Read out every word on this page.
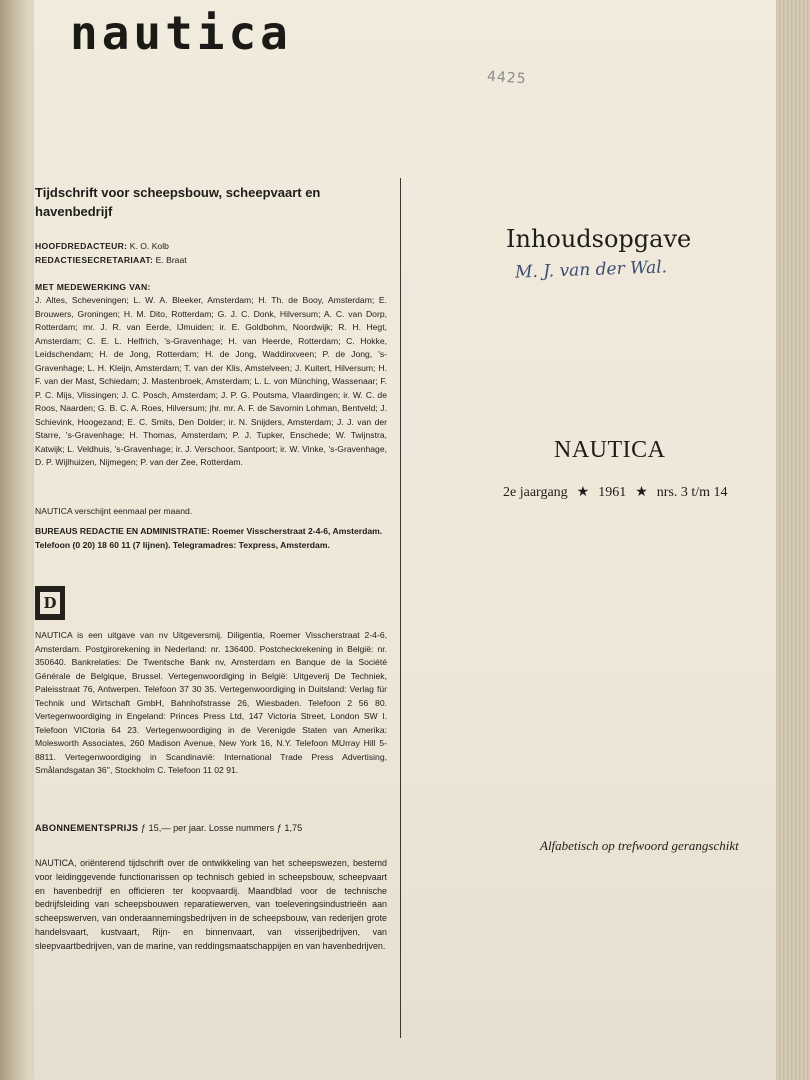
nautica
4425
Tijdschrift voor scheepsbouw, scheepvaart en havenbedrijf
HOOFDREDACTEUR: K. O. Kolb
REDACTIESECRETARIAAT: E. Braat
MET MEDEWERKING VAN:
J. Altes, Scheveningen; L. W. A. Bleeker, Amsterdam; H. Th. de Booy, Amsterdam; E. Brouwers, Groningen; H. M. Dito, Rotterdam; G. J. C. Donk, Hilversum; A. C. van Dorp, Rotterdam; mr. J. R. van Eerde, IJmuiden; ir. E. Goldbohm, Noordwijk; R. H. Hegt, Amsterdam; C. E. L. Helfrich, 's-Gravenhage; H. van Heerde, Rotterdam; C. Hokke, Leidschendam; H. de Jong, Rotterdam; H. de Jong, Waddinxveen; P. de Jong, 's-Gravenhage; L. H. Kleijn, Amsterdam; T. van der Klis, Amstelveen; J. Kuitert, Hilversum; H. F. van der Mast, Schiedam; J. Mastenbroek, Amsterdam; L. L. von Münching, Wassenaar; F. P. C. Mijs, Vlissingen; J. C. Posch, Amsterdam; J. P. G. Poutsma, Vlaardingen; ir. W. C. de Roos, Naarden; G. B. C. A. Roes, Hilversum; jhr. mr. A. F. de Savornin Lohman, Bentveld; J. Schievink, Hoogezand; E. C. Smits, Den Dolder; ir. N. Snijders, Amsterdam; J. J. van der Starre, 's-Gravenhage; H. Thomas, Amsterdam; P. J. Tupker, Enschede; W. Twijnstra, Katwijk; L. Veldhuis, 's-Gravenhage; ir. J. Verschoor, Santpoort; ir. W. Vinke, 's-Gravenhage, D. P. Wijlhuizen, Nijmegen; P. van der Zee, Rotterdam.
NAUTICA verschijnt eenmaal per maand.
BUREAUS REDACTIE EN ADMINISTRATIE: Roemer Visscherstraat 2-4-6, Amsterdam. Telefoon (0 20) 18 60 11 (7 lijnen). Telegramadres: Texpress, Amsterdam.
D
NAUTICA is een uitgave van nv Uitgeversmij. Diligentia, Roemer Visscherstraat 2-4-6, Amsterdam. Postgirorekening in Nederland: nr. 136400. Postcheckrekening in België: nr. 350640. Bankrelaties: De Twentsche Bank nv, Amsterdam en Banque de la Société Générale de Belgique, Brussel. Vertegenwoordiging in België: Uitgeverij De Techniek, Paleisstraat 76, Antwerpen. Telefoon 37 30 35. Vertegenwoordiging in Duitsland: Verlag für Technik und Wirtschaft GmbH, Bahnhofstrasse 26, Wiesbaden. Telefoon 2 56 80. Vertegenwoordiging in Engeland: Princes Press Ltd, 147 Victoria Street, London SW I. Telefoon VICtoria 64 23. Vertegenwoordiging in de Verenigde Staten van Amerika: Molesworth Associates, 260 Madison Avenue, New York 16, N.Y. Telefoon MUrray Hill 5-8811. Vertegenwoordiging in Scandinavië: International Trade Press Advertising, Smålandsgatan 36'', Stockholm C. Telefoon 11 02 91.
ABONNEMENTSPRIJS ƒ 15,— per jaar. Losse nummers ƒ 1,75
NAUTICA, oriënterend tijdschrift over de ontwikkeling van het scheepswezen, bestemd voor leidinggevende functionarissen op technisch gebied in scheepsbouw, scheepvaart en havenbedrijf en officieren ter koopvaardij. Maandblad voor de technische bedrijfsleiding van scheepsbouwen reparatiewerven, van toeleveringsindustrieën aan scheepswerven, van onderaannemingsbedrijven in de scheepsbouw, van rederijen grote handelsvaart, kustvaart, Rijn- en binnenvaart, van visserijbedrijven, van sleepvaartbedrijven, van de marine, van reddingsmaatschappijen en van havenbedrijven.
Inhoudsopgave
M. J. van der Wal.
NAUTICA
2e jaargang ★ 1961 ★ nrs. 3 t/m 14
Alfabetisch op trefwoord gerangschikt
